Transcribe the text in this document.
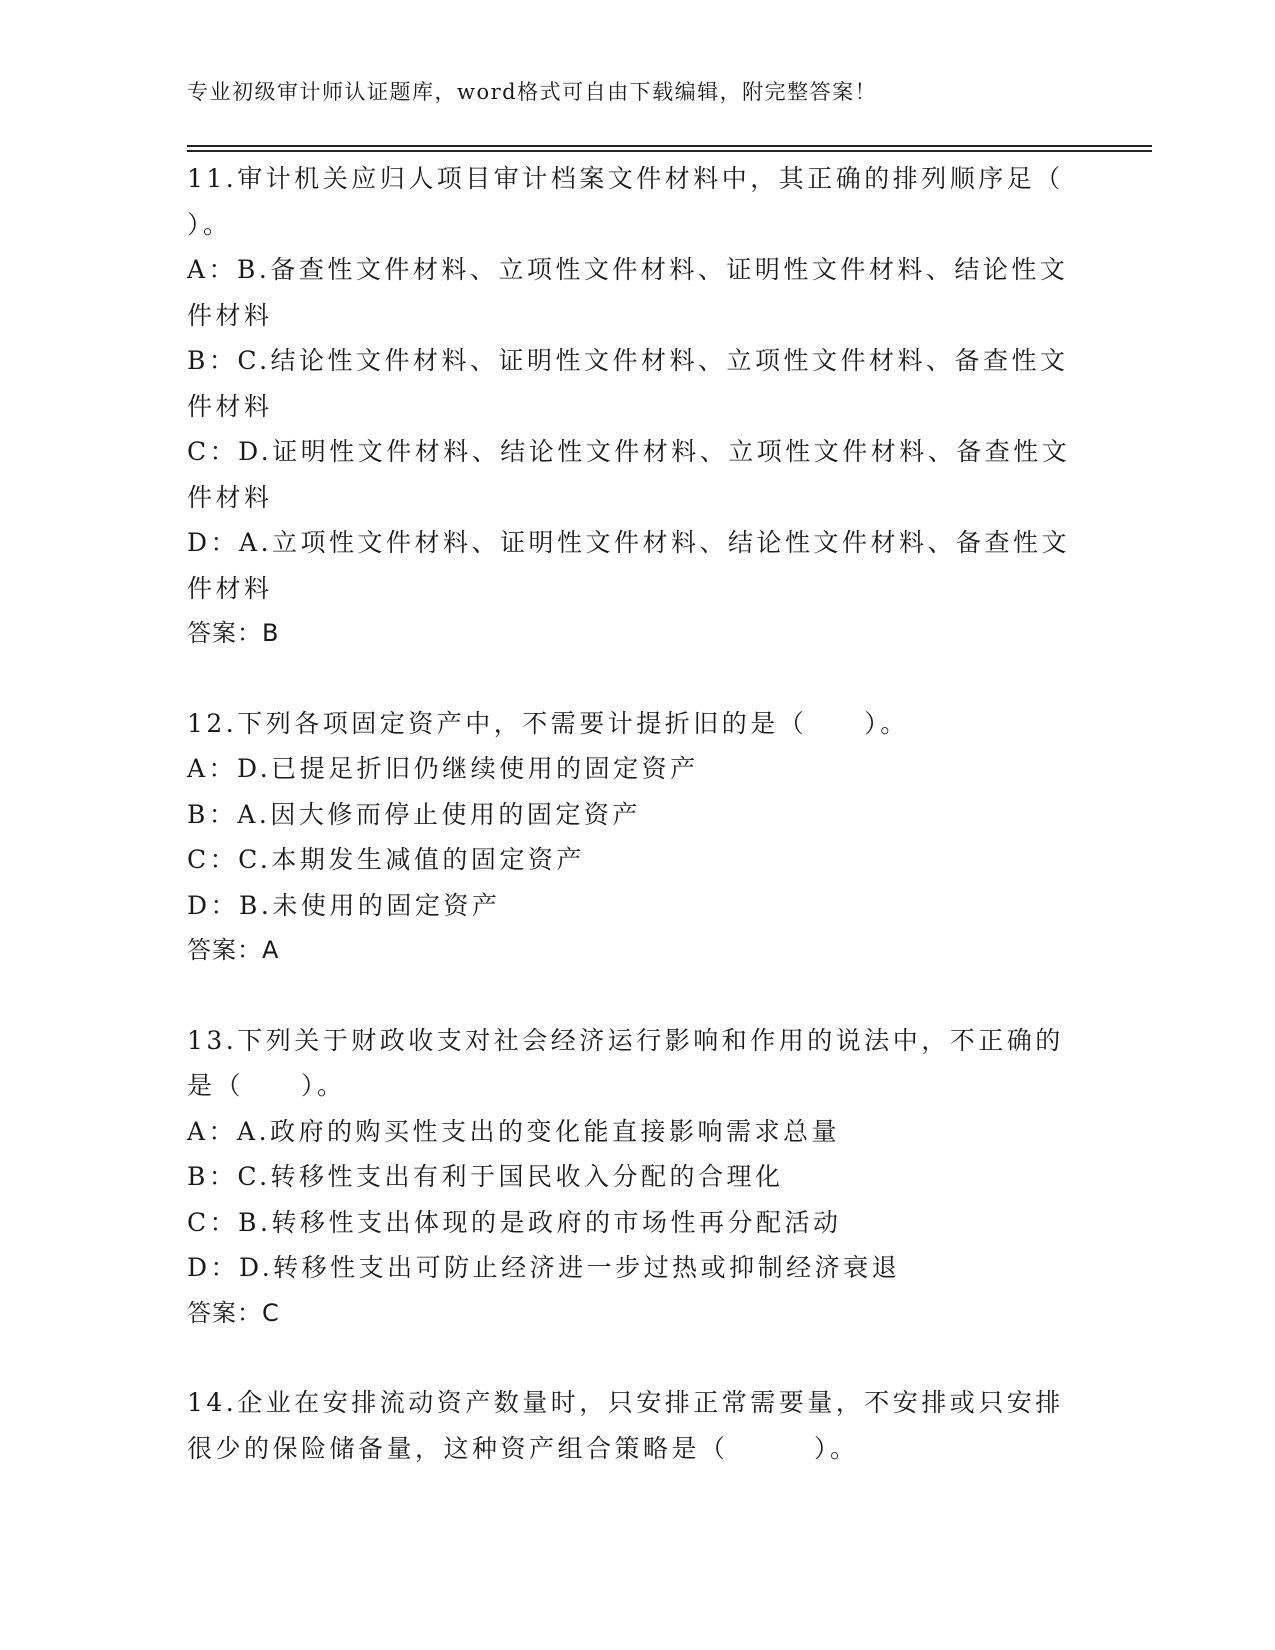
专业初级审计师认证题库，word格式可自由下载编辑，附完整答案！
11.审计机关应归人项目审计档案文件材料中，其正确的排列顺序足（
）。
A：B.备查性文件材料、立项性文件材料、证明性文件材料、结论性文
件材料
B：C.结论性文件材料、证明性文件材料、立项性文件材料、备查性文
件材料
C：D.证明性文件材料、结论性文件材料、立项性文件材料、备查性文
件材料
D：A.立项性文件材料、证明性文件材料、结论性文件材料、备查性文
件材料
答案：B
12.下列各项固定资产中，不需要计提折旧的是（　　）。
A：D.已提足折旧仍继续使用的固定资产
B：A.因大修而停止使用的固定资产
C：C.本期发生减值的固定资产
D：B.未使用的固定资产
答案：A
13.下列关于财政收支对社会经济运行影响和作用的说法中，不正确的
是（　　）。
A：A.政府的购买性支出的变化能直接影响需求总量
B：C.转移性支出有利于国民收入分配的合理化
C：B.转移性支出体现的是政府的市场性再分配活动
D：D.转移性支出可防止经济进一步过热或抑制经济衰退
答案：C
14.企业在安排流动资产数量时，只安排正常需要量，不安排或只安排
很少的保险储备量，这种资产组合策略是（　　　）。
